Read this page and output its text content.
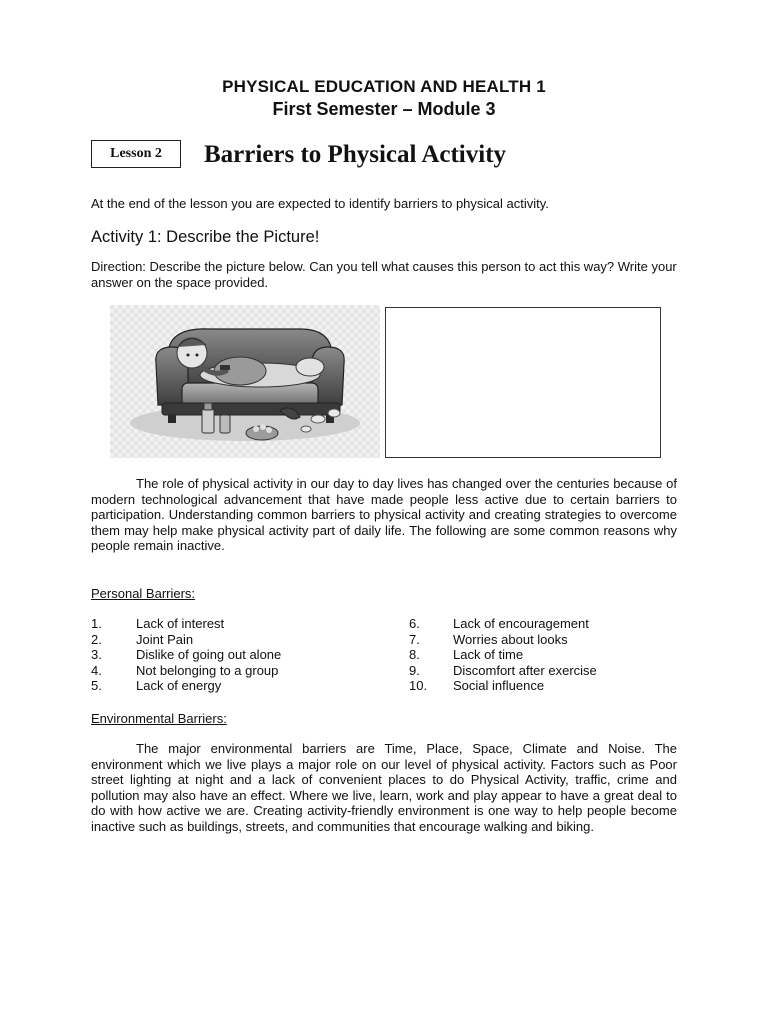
PHYSICAL EDUCATION AND HEALTH 1
First Semester – Module 3
Lesson 2 Barriers to Physical Activity
At the end of the lesson you are expected to identify barriers to physical activity.
Activity 1: Describe the Picture!
Direction: Describe the picture below. Can you tell what causes this person to act this way? Write your answer on the space provided.
The role of physical activity in our day to day lives has changed over the centuries because of modern technological advancement that have made people less active due to certain barriers to participation. Understanding common barriers to physical activity and creating strategies to overcome them may help make physical activity part of daily life. The following are some common reasons why people remain inactive.
Personal Barriers:
1.	Lack of interest
2.	Joint Pain
3.	Dislike of going out alone
4.	Not belonging to a group
5.	Lack of energy
6.	Lack of encouragement
7.	Worries about looks
8.	Lack of time
9.	Discomfort after exercise
10. Social influence
Environmental Barriers:
The major environmental barriers are Time, Place, Space, Climate and Noise. The environment which we live plays a major role on our level of physical activity. Factors such as Poor street lighting at night and a lack of convenient places to do Physical Activity, traffic, crime and pollution may also have an effect. Where we live, learn, work and play appear to have a great deal to do with how active we are. Creating activity-friendly environment is one way to help people become inactive such as buildings, streets, and communities that encourage walking and biking.
